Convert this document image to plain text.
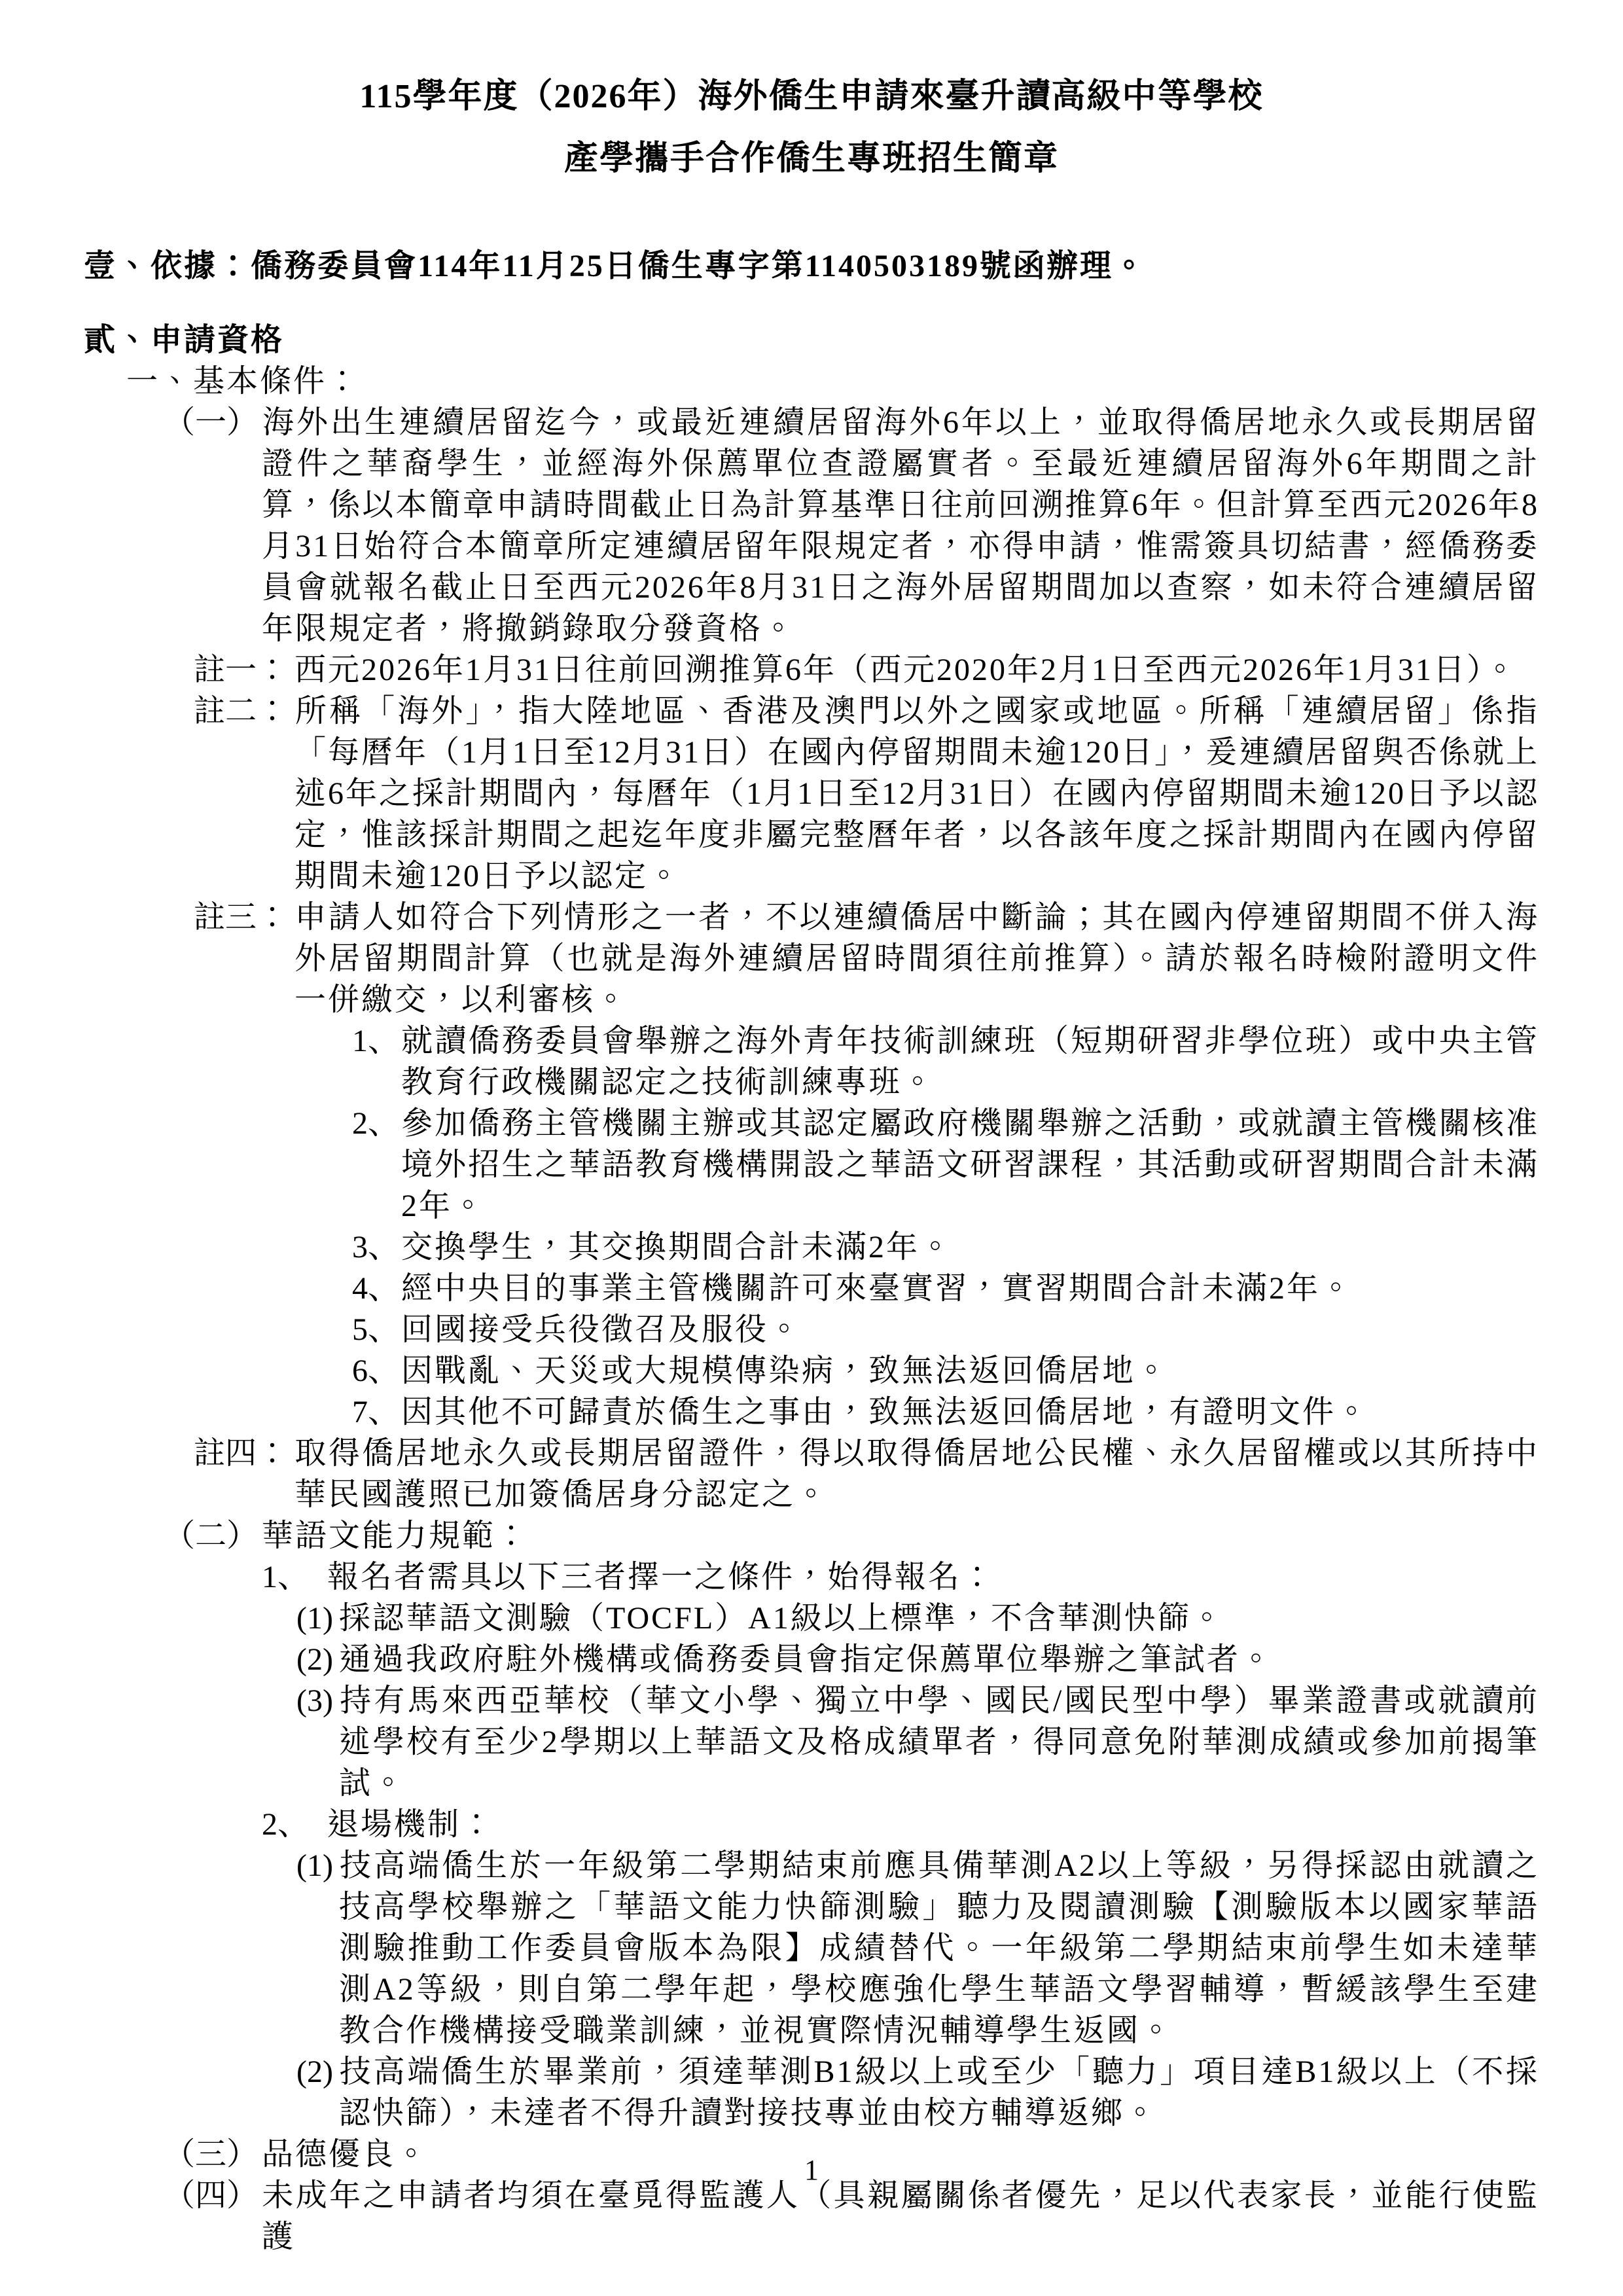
115學年度（2026年）海外僑生申請來臺升讀高級中等學校

產學攜手合作僑生專班招生簡章

壹、依據：僑務委員會114年11月25日僑生專字第1140503189號函辦理。
貳、申請資格
一、基本條件：
（一） 海外出生連續居留迄今，或最近連續居留海外6年以上，並取得僑居地永久或長期居留證件之華裔學生，並經海外保薦單位查證屬實者。至最近連續居留海外6年期間之計算，係以本簡章申請時間截止日為計算基準日往前回溯推算6年。但計算至西元2026年8月31日始符合本簡章所定連續居留年限規定者，亦得申請，惟需簽具切結書，經僑務委員會就報名截止日至西元2026年8月31日之海外居留期間加以查察，如未符合連續居留年限規定者，將撤銷錄取分發資格。
註一： 西元2026年1月31日往前回溯推算6年（西元2020年2月1日至西元2026年1月31日）。
註二： 所稱「海外」，指大陸地區、香港及澳門以外之國家或地區。所稱「連續居留」係指「每曆年（1月1日至12月31日）在國內停留期間未逾120日」，爰連續居留與否係就上述6年之採計期間內，每曆年（1月1日至12月31日）在國內停留期間未逾120日予以認定，惟該採計期間之起迄年度非屬完整曆年者，以各該年度之採計期間內在國內停留期間未逾120日予以認定。
註三： 申請人如符合下列情形之一者，不以連續僑居中斷論；其在國內停連留期間不併入海外居留期間計算（也就是海外連續居留時間須往前推算）。請於報名時檢附證明文件一併繳交，以利審核。
1、就讀僑務委員會舉辦之海外青年技術訓練班（短期研習非學位班）或中央主管教育行政機關認定之技術訓練專班。
2、參加僑務主管機關主辦或其認定屬政府機關舉辦之活動，或就讀主管機關核准境外招生之華語教育機構開設之華語文研習課程，其活動或研習期間合計未滿2年。
3、交換學生，其交換期間合計未滿2年。
4、經中央目的事業主管機關許可來臺實習，實習期間合計未滿2年。
5、回國接受兵役徵召及服役。
6、因戰亂、天災或大規模傳染病，致無法返回僑居地。
7、因其他不可歸責於僑生之事由，致無法返回僑居地，有證明文件。
註四： 取得僑居地永久或長期居留證件，得以取得僑居地公民權、永久居留權或以其所持中華民國護照已加簽僑居身分認定之。
（二） 華語文能力規範：
1、 報名者需具以下三者擇一之條件，始得報名：
(1) 採認華語文測驗（TOCFL）A1級以上標準，不含華測快篩。
(2) 通過我政府駐外機構或僑務委員會指定保薦單位舉辦之筆試者。
(3) 持有馬來西亞華校（華文小學、獨立中學、國民/國民型中學）畢業證書或就讀前述學校有至少2學期以上華語文及格成績單者，得同意免附華測成績或參加前揭筆試。
2、 退場機制：
(1) 技高端僑生於一年級第二學期結束前應具備華測A2以上等級，另得採認由就讀之技高學校舉辦之「華語文能力快篩測驗」聽力及閱讀測驗【測驗版本以國家華語測驗推動工作委員會版本為限】成績替代。一年級第二學期結束前學生如未達華測A2等級，則自第二學年起，學校應強化學生華語文學習輔導，暫緩該學生至建教合作機構接受職業訓練，並視實際情況輔導學生返國。
(2) 技高端僑生於畢業前，須達華測B1級以上或至少「聽力」項目達B1級以上（不採認快篩），未達者不得升讀對接技專並由校方輔導返鄉。
（三） 品德優良。
（四） 未成年之申請者均須在臺覓得監護人（具親屬關係者優先，足以代表家長，並能行使監護
1
